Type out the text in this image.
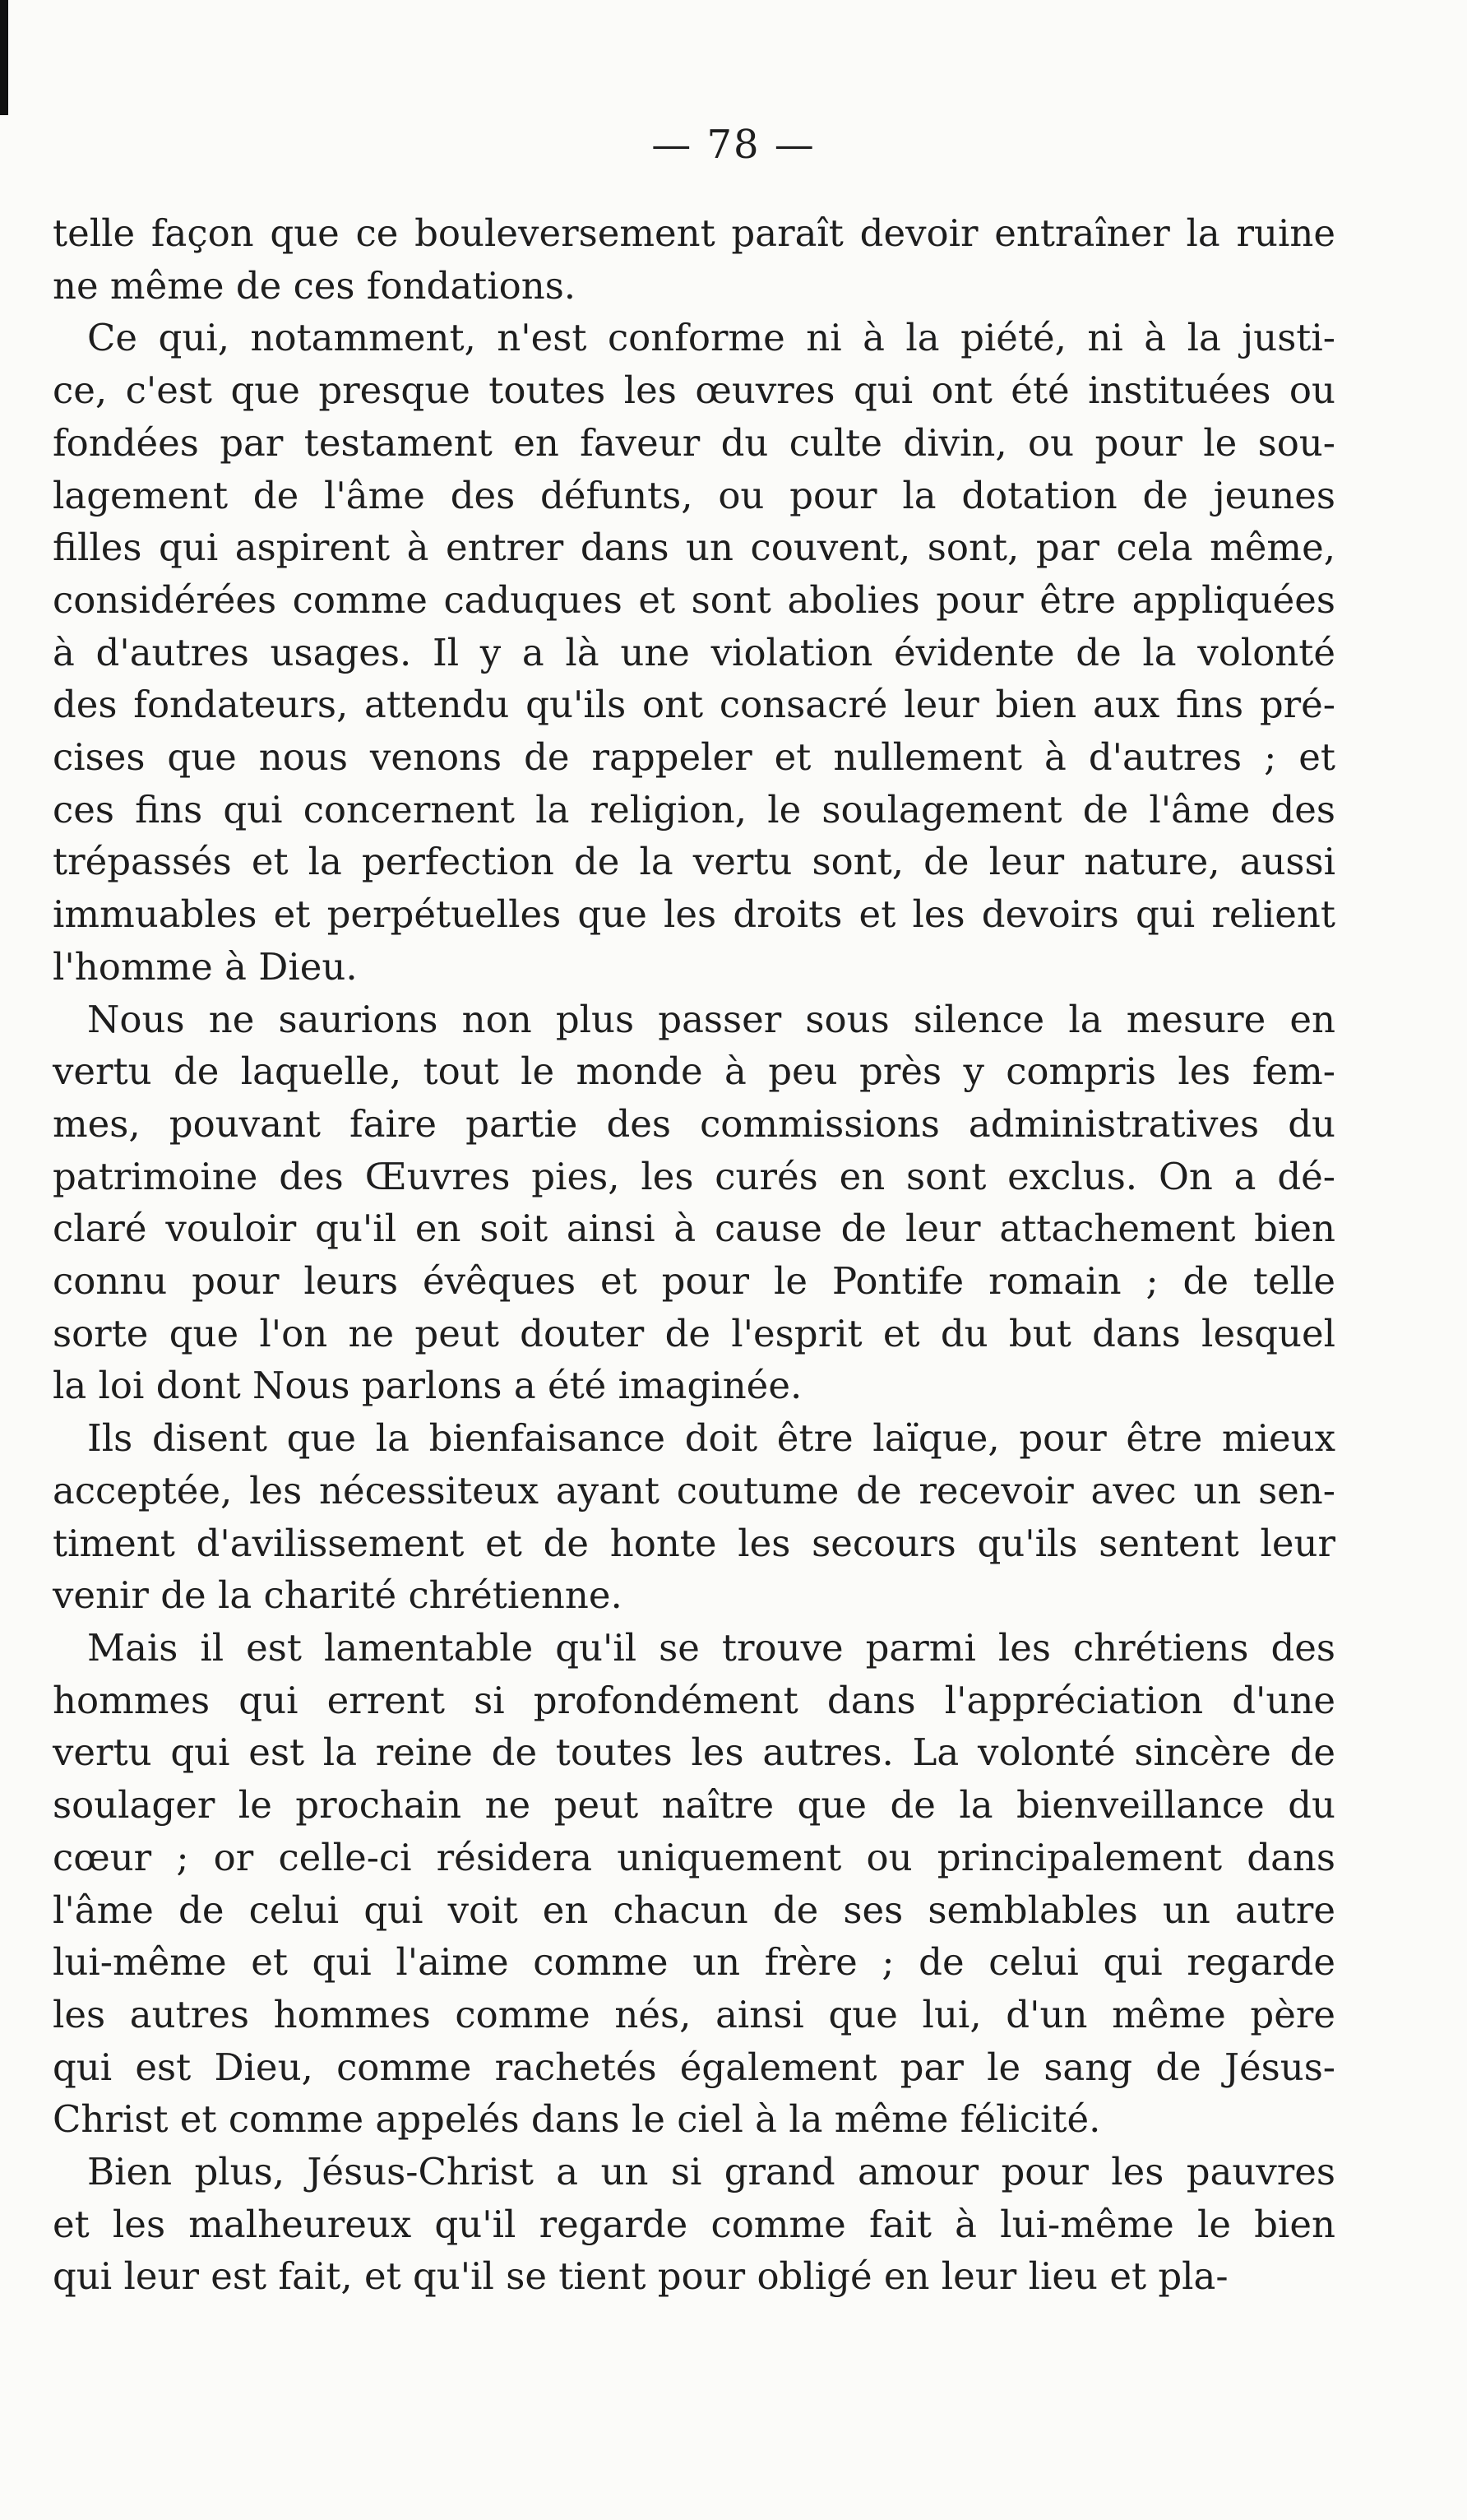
— 78 —

telle façon que ce bouleversement paraît devoir entraîner la ruine
ne même de ces fondations.

Ce qui, notamment, n'est conforme ni à la piété, ni à la justi-
ce, c'est que presque toutes les œuvres qui ont été instituées ou
fondées par testament en faveur du culte divin, ou pour le sou-
lagement de l'âme des défunts, ou pour la dotation de jeunes
filles qui aspirent à entrer dans un couvent, sont, par cela même,
considérées comme caduques et sont abolies pour être appliquées
à d'autres usages. Il y a là une violation évidente de la volonté
des fondateurs, attendu qu'ils ont consacré leur bien aux fins pré-
cises que nous venons de rappeler et nullement à d'autres ; et
ces fins qui concernent la religion, le soulagement de l'âme des
trépassés et la perfection de la vertu sont, de leur nature, aussi
immuables et perpétuelles que les droits et les devoirs qui relient
l'homme à Dieu.

Nous ne saurions non plus passer sous silence la mesure en
vertu de laquelle, tout le monde à peu près y compris les fem-
mes, pouvant faire partie des commissions administratives du
patrimoine des Œuvres pies, les curés en sont exclus. On a dé-
claré vouloir qu'il en soit ainsi à cause de leur attachement bien
connu pour leurs évêques et pour le Pontife romain ; de telle
sorte que l'on ne peut douter de l'esprit et du but dans lesquel
la loi dont Nous parlons a été imaginée.

Ils disent que la bienfaisance doit être laïque, pour être mieux
acceptée, les nécessiteux ayant coutume de recevoir avec un sen-
timent d'avilissement et de honte les secours qu'ils sentent leur
venir de la charité chrétienne.

Mais il est lamentable qu'il se trouve parmi les chrétiens des
hommes qui errent si profondément dans l'appréciation d'une
vertu qui est la reine de toutes les autres. La volonté sincère de
soulager le prochain ne peut naître que de la bienveillance du
cœur ; or celle-ci résidera uniquement ou principalement dans
l'âme de celui qui voit en chacun de ses semblables un autre
lui-même et qui l'aime comme un frère ; de celui qui regarde
les autres hommes comme nés, ainsi que lui, d'un même père
qui est Dieu, comme rachetés également par le sang de Jésus-
Christ et comme appelés dans le ciel à la même félicité.

Bien plus, Jésus-Christ a un si grand amour pour les pauvres
et les malheureux qu'il regarde comme fait à lui-même le bien
qui leur est fait, et qu'il se tient pour obligé en leur lieu et pla-
